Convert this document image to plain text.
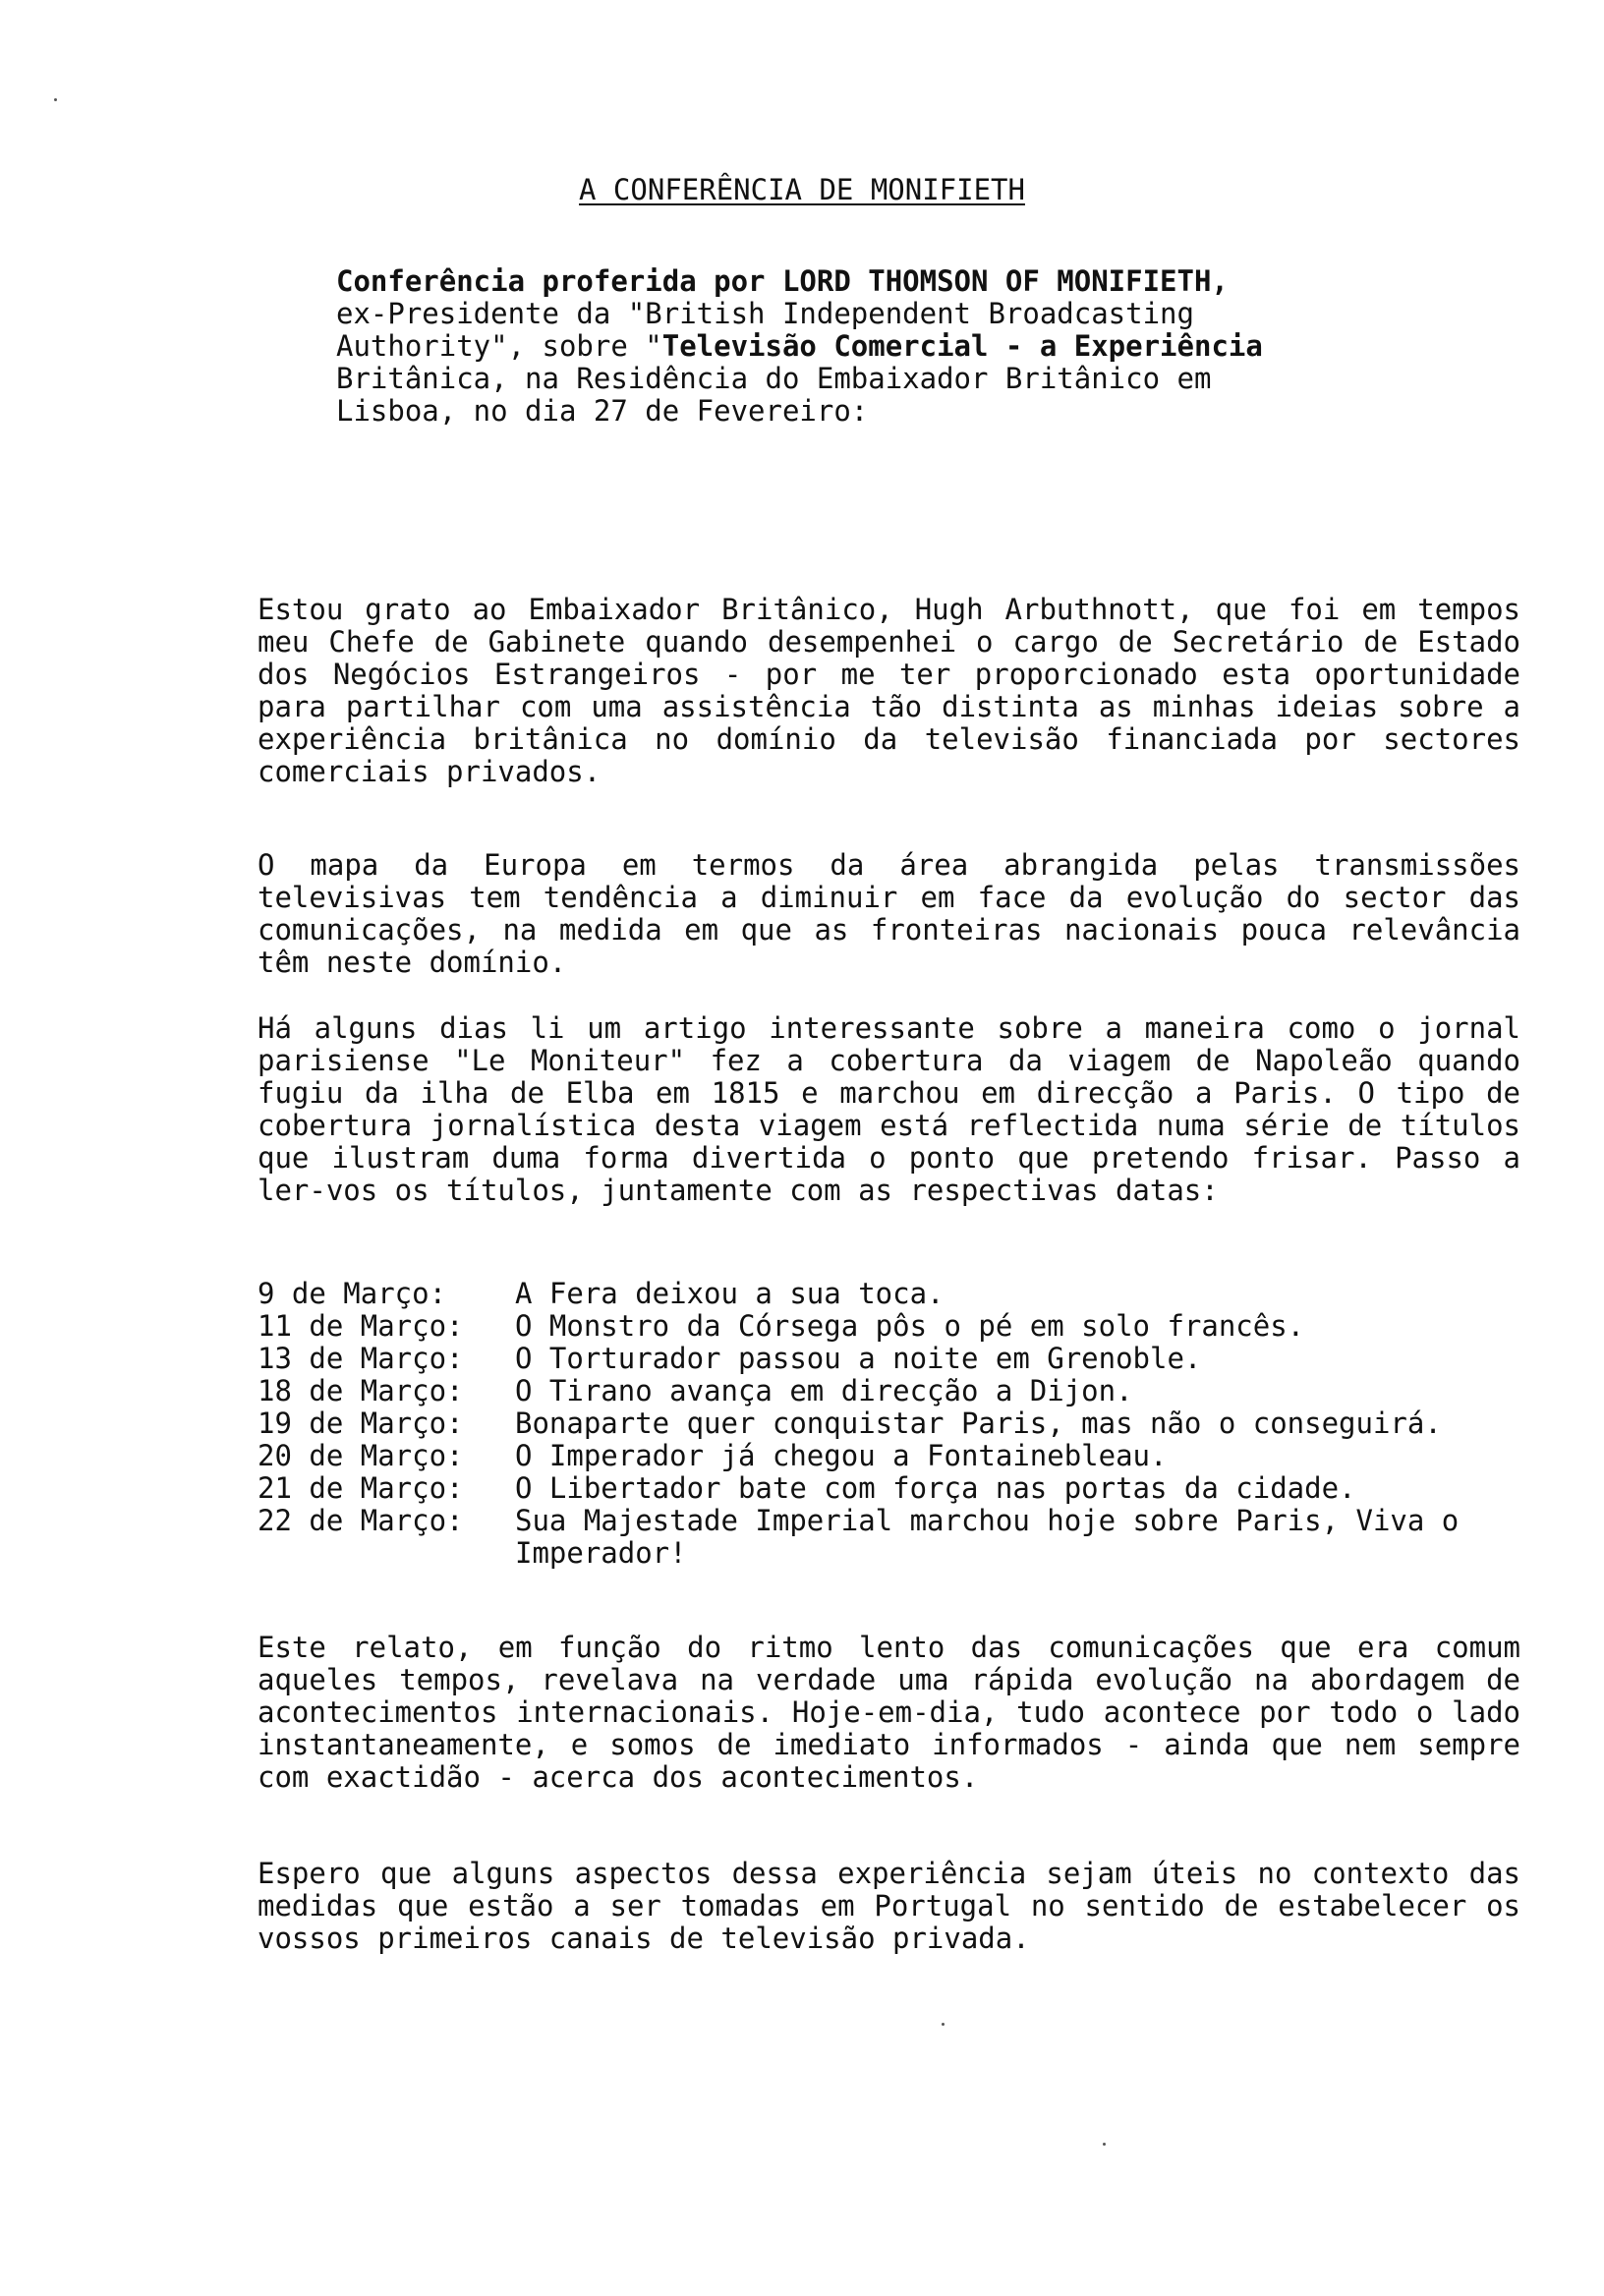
A CONFERÊNCIA DE MONIFIETH
Conferência proferida por LORD THOMSON OF MONIFIETH,
ex-Presidente da "British Independent Broadcasting
Authority", sobre "Televisão Comercial - a Experiência
Britânica, na Residência do Embaixador Britânico em
Lisboa, no dia 27 de Fevereiro:

Estou grato ao Embaixador Britânico, Hugh Arbuthnott, que foi em tempos meu Chefe de Gabinete quando desempenhei o cargo de Secretário de Estado dos Negócios Estrangeiros - por me ter proporcionado esta oportunidade para partilhar com uma assistência tão distinta as minhas ideias sobre a experiência britânica no domínio da televisão financiada por sectores comerciais privados.

O mapa da Europa em termos da área abrangida pelas transmissões televisivas tem tendência a diminuir em face da evolução do sector das comunicações, na medida em que as fronteiras nacionais pouca relevância têm neste domínio.

Há alguns dias li um artigo interessante sobre a maneira como o jornal parisiense "Le Moniteur" fez a cobertura da viagem de Napoleão quando fugiu da ilha de Elba em 1815 e marchou em direcção a Paris. O tipo de cobertura jornalística desta viagem está reflectida numa série de títulos que ilustram duma forma divertida o ponto que pretendo frisar. Passo a ler-vos os títulos, juntamente com as respectivas datas:

9 de Março:	A Fera deixou a sua toca.
11 de Março:	O Monstro da Córsega pôs o pé em solo francês.
13 de Março:	O Torturador passou a noite em Grenoble.
18 de Março:	O Tirano avança em direcção a Dijon.
19 de Março:	Bonaparte quer conquistar Paris, mas não o conseguirá.
20 de Março:	O Imperador já chegou a Fontainebleau.
21 de Março:	O Libertador bate com força nas portas da cidade.
22 de Março:	Sua Majestade Imperial marchou hoje sobre Paris, Viva o Imperador!

Este relato, em função do ritmo lento das comunicações que era comum aqueles tempos, revelava na verdade uma rápida evolução na abordagem de acontecimentos internacionais. Hoje-em-dia, tudo acontece por todo o lado instantaneamente, e somos de imediato informados - ainda que nem sempre com exactidão - acerca dos acontecimentos.

Espero que alguns aspectos dessa experiência sejam úteis no contexto das medidas que estão a ser tomadas em Portugal no sentido de estabelecer os vossos primeiros canais de televisão privada.
